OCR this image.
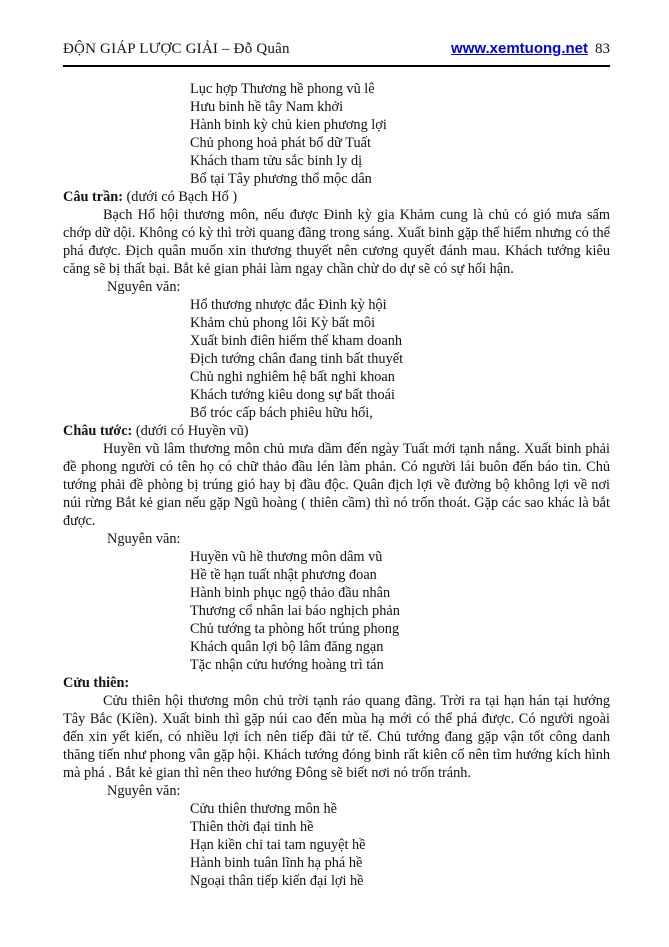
ĐỘN GIÁP LƯỢC GIẢI – Đỗ Quân	www.xemtuong.net 83
Lục hợp Thương hề phong vũ lê
Hưu binh hề tây Nam khởi
Hành binh kỳ chủ kien phương lợi
Chủ phong hoả phát bổ dữ Tuất
Khách tham tửu sắc binh ly dị
Bổ tại Tây phương thổ mộc dân
Câu trần: (dưới có Bạch Hổ )

Bạch Hổ hội thương môn, nếu được Đinh kỳ gia Khảm cung là chủ có gió mưa sấm chớp dữ dội. Không có kỳ thì trời quang đãng trong sáng. Xuất binh gặp thế hiểm nhưng có thể phá được. Địch quân muốn xin thương thuyết nên cương quyết đánh mau. Khách tướng kiêu căng sẽ bị thất bại. Bắt kẻ gian phải làm ngay chần chừ do dự sẽ có sự hối hận.

Nguyên văn:
Hổ thương nhược đắc Đinh kỳ hội
Khảm chủ phong lôi Kỳ bất môi
Xuất binh điên hiểm thế kham doanh
Địch tướng chân đang tinh bất thuyết
Chủ nghi nghiêm hệ bất nghi khoan
Khách tướng kiêu dong sự bất thoái
Bổ tróc cấp bách phiêu hữu hối,
Châu tước: (dưới có Huyền vũ)

Huyền vũ lâm thương môn chủ mưa dầm đến ngày Tuất mới tạnh nắng. Xuất binh phải đề phong người có tên họ có chữ thảo đầu lén làm phản. Có người lái buôn đến báo tin. Chủ tướng phải đề phòng bị trúng gió hay bị đầu độc. Quân địch lợi về đường bộ không lợi về nơi núi rừng Bắt kẻ gian nếu gặp Ngũ hoàng ( thiên cầm) thì nó trốn thoát. Gặp các sao khác là bắt được.

Nguyên văn:
Huyền vũ hề thương môn dâm vũ
Hề tề hạn tuất nhật phương đoan
Hành binh phục ngộ thảo đầu nhân
Thương cổ nhân lai báo nghịch phản
Chủ tướng ta phòng hốt trúng phong
Khách quân lợi bộ lâm đăng ngạn
Tặc nhận cửu hướng hoàng trì tán
Cửu thiên:

Cửu thiên hội thương môn chủ trời tạnh ráo quang đãng. Trời ra tại hạn hán tại hướng Tây Bắc (Kiền). Xuất binh thì gặp núi cao đến mùa hạ mới có thể phá được. Có người ngoài đến xin yết kiến, có nhiều lợi ích nên tiếp đãi tử tế. Chủ tướng đang gặp vận tốt công danh thăng tiến như phong vân gặp hội. Khách tướng đóng binh rất kiên cố nên tìm hướng kích hình mà phá . Bắt kẻ gian thì nên theo hướng Đông sẽ biết nơi nó trốn tránh.

Nguyên văn:
Cửu thiên thương môn hề
Thiên thời đại tinh hề
Hạn kiền chi tai tam nguyệt hề
Hành binh tuân lĩnh hạ phá hề
Ngoại thân tiếp kiến đại lợi hề
